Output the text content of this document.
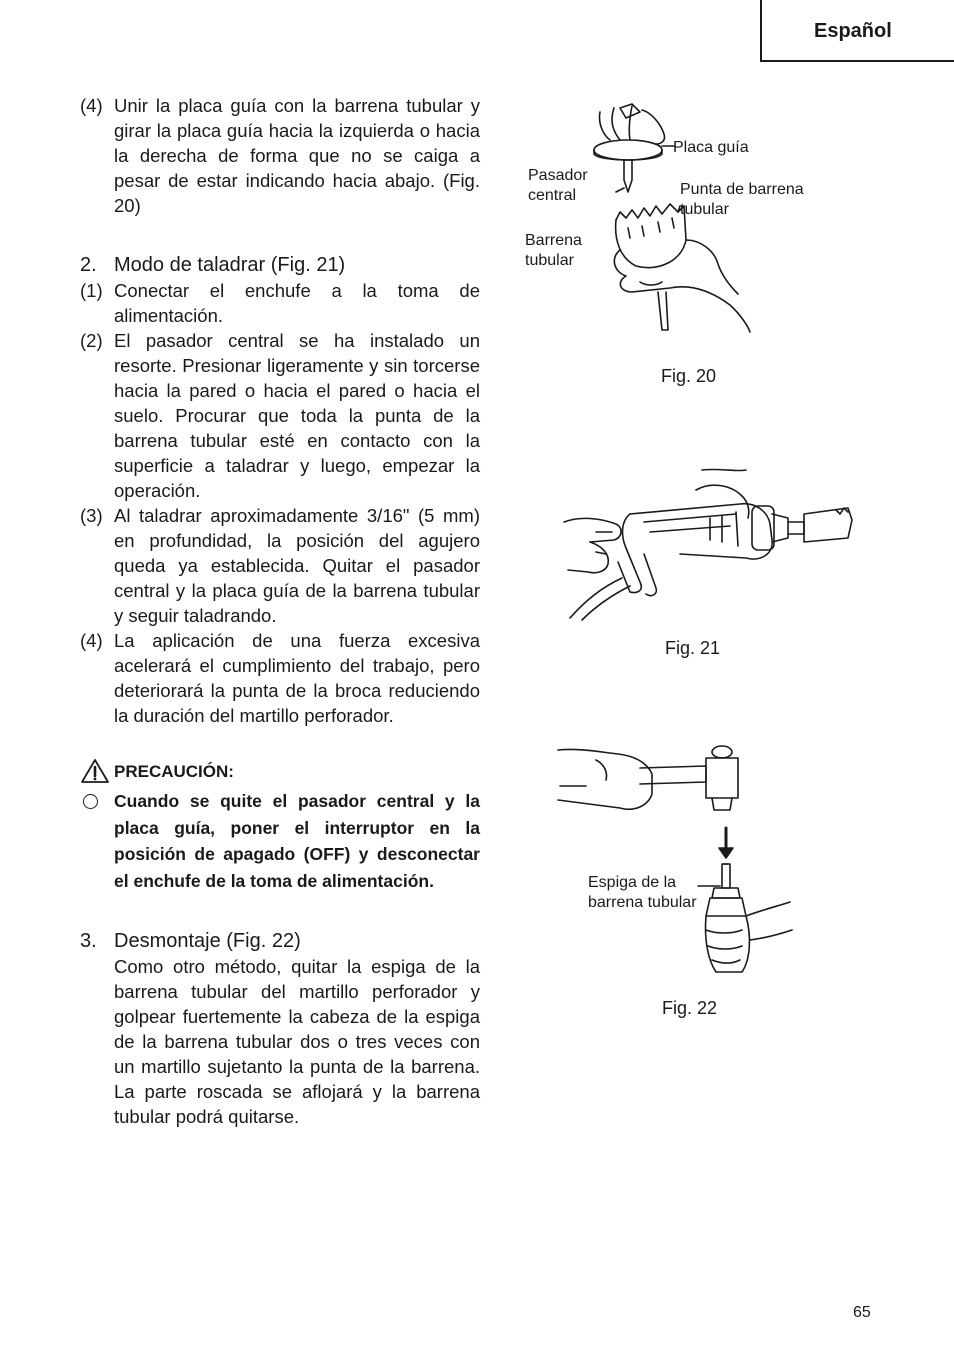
Español
(4) Unir la placa guía con la barrena tubular y girar la placa guía hacia la izquierda o hacia la derecha de forma que no se caiga a pesar de estar indicando hacia abajo. (Fig. 20)
2. Modo de taladrar (Fig. 21)
(1) Conectar el enchufe a la toma de alimentación.
(2) El pasador central se ha instalado un resorte. Presionar ligeramente y sin torcerse hacia la pared o hacia el pared o hacia el suelo. Procurar que toda la punta de la barrena tubular esté en contacto con la superficie a taladrar y luego, empezar la operación.
(3) Al taladrar aproximadamente 3/16" (5 mm) en profundidad, la posición del agujero queda ya establecida. Quitar el pasador central y la placa guía de la barrena tubular y seguir taladrando.
(4) La aplicación de una fuerza excesiva acelerará el cumplimiento del trabajo, pero deteriorará la punta de la broca reduciendo la duración del martillo perforador.
PRECAUCIÓN:
Cuando se quite el pasador central y la placa guía, poner el interruptor en la posición de apagado (OFF) y desconectar el enchufe de la toma de alimentación.
3. Desmontaje (Fig. 22)
Como otro método, quitar la espiga de la barrena tubular del martillo perforador y golpear fuertemente la cabeza de la espiga de la barrena tubular dos o tres veces con un martillo sujetanto la punta de la barrena. La parte roscada se aflojará y la barrena tubular podrá quitarse.
Placa guía
Pasador central	Punta de barrena tubular
Barrena tubular
Fig. 20
Fig. 21
Espiga de la barrena tubular
Fig. 22
65
